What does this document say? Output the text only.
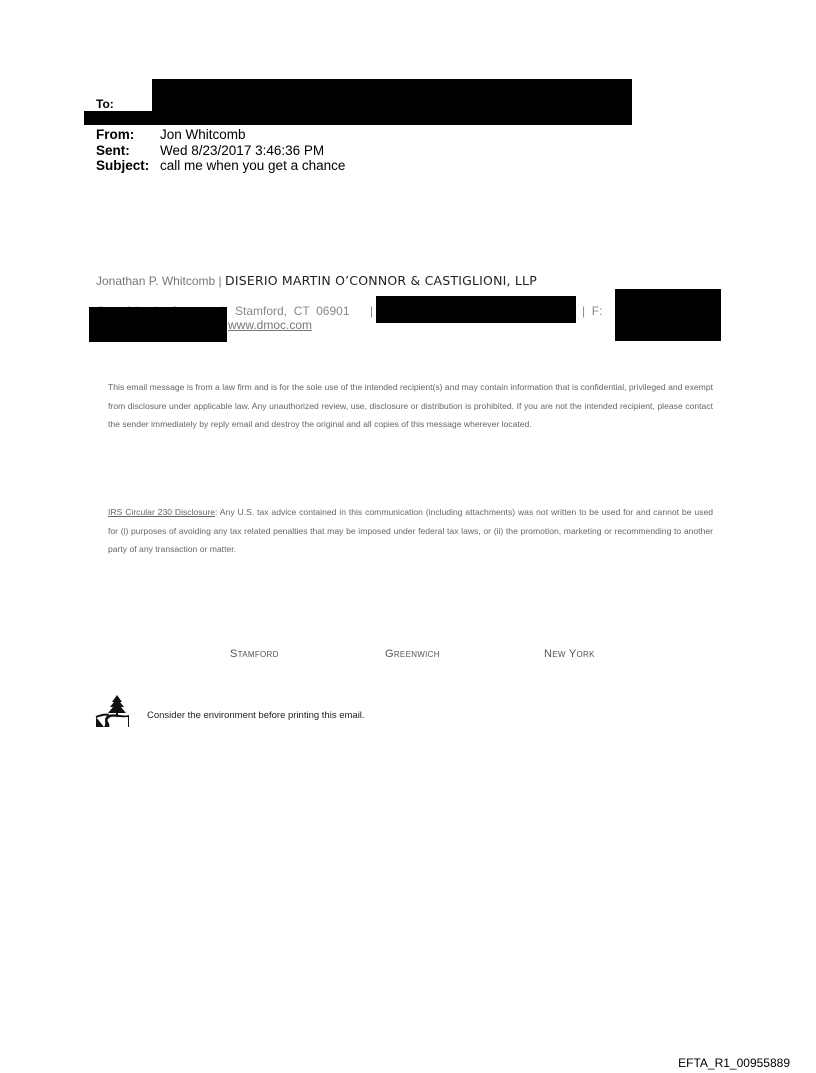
To:
From: Jon Whitcomb
Sent: Wed 8/23/2017 3:46:36 PM
Subject: call me when you get a chance
Jonathan P. Whitcomb | DISERIO MARTIN O’CONNOR & CASTIGLIONI, LLP
Stamford,  CT  06901 |	|  F:
www.dmoc.com
This email message is from a law firm and is for the sole use of the intended recipient(s) and may contain information that is confidential, privileged and exempt from disclosure under applicable law. Any unauthorized review, use, disclosure or distribution is prohibited. If you are not the intended recipient, please contact the sender immediately by reply email and destroy the original and all copies of this message wherever located.
IRS Circular 230 Disclosure: Any U.S. tax advice contained in this communication (including attachments) was not written to be used for and cannot be used for (i) purposes of avoiding any tax related penalties that may be imposed under federal tax laws, or (ii) the promotion, marketing or recommending to another party of any transaction or matter.
Stamford	Greenwich	New York
Consider the environment before printing this email.
EFTA_R1_00955889
